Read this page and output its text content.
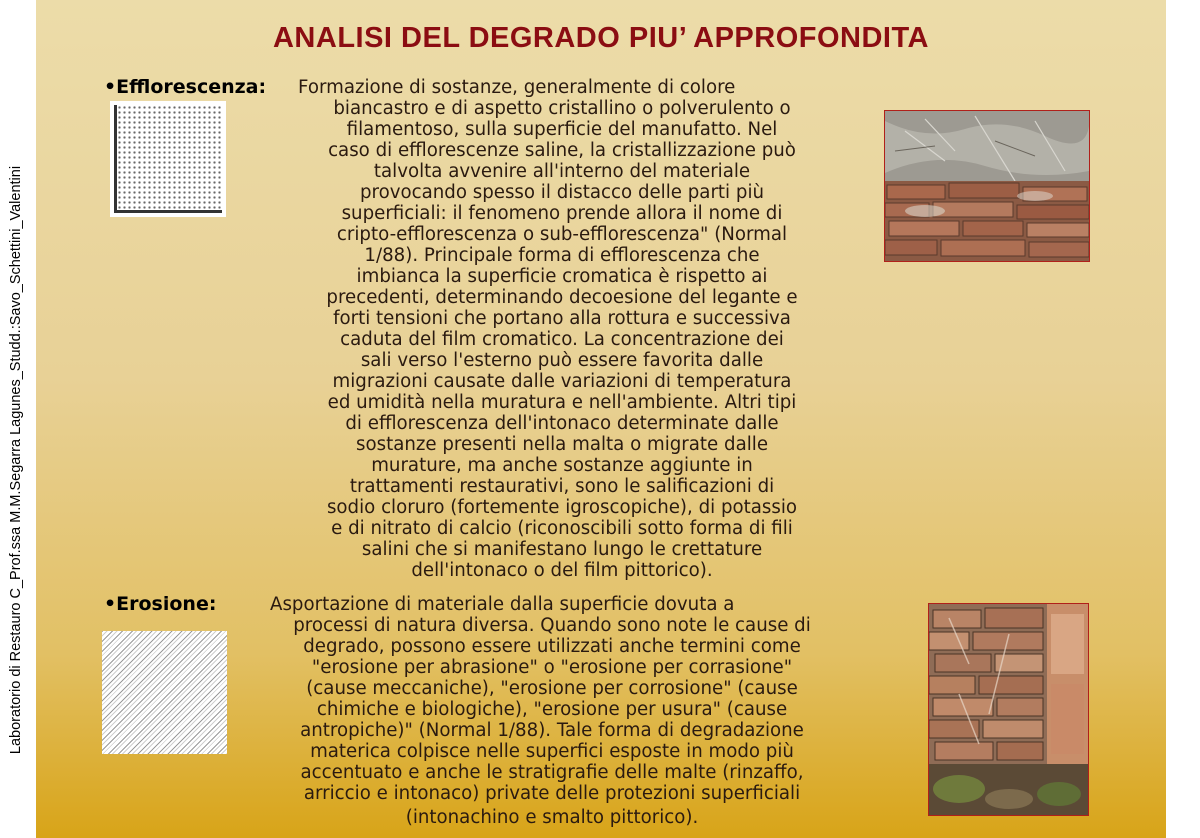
Laboratorio di Restauro C_Prof.ssa M.M.Segarra Lagunes_Studd.:Savo_Schettini_Valentini
ANALISI DEL DEGRADO PIU’ APPROFONDITA
•Efflorescenza:	Formazione di sostanze, generalmente di colore
biancastro e di aspetto cristallino o polverulento o
filamentoso, sulla superficie del manufatto. Nel
caso di efflorescenze saline, la cristallizzazione può
talvolta avvenire all'interno del materiale
provocando spesso il distacco delle parti più
superficiali: il fenomeno prende allora il nome di
cripto-efflorescenza o sub-efflorescenza" (Normal
1/88). Principale forma di efflorescenza che
imbianca la superficie cromatica è rispetto ai
precedenti, determinando decoesione del legante e
forti tensioni che portano alla rottura e successiva
caduta del film cromatico. La concentrazione dei
sali verso l'esterno può essere favorita dalle
migrazioni causate dalle variazioni di temperatura
ed umidità nella muratura e nell'ambiente. Altri tipi
di efflorescenza dell'intonaco determinate dalle
sostanze presenti nella malta o migrate dalle
murature, ma anche sostanze aggiunte in
trattamenti restaurativi, sono le salificazioni di
sodio cloruro (fortemente igroscopiche), di potassio
e di nitrato di calcio (riconoscibili sotto forma di fili
salini che si manifestano lungo le crettature
dell'intonaco o del film pittorico).
•Erosione:	Asportazione di materiale dalla superficie dovuta a
processi di natura diversa. Quando sono note le cause di
degrado, possono essere utilizzati anche termini come
"erosione per abrasione" o "erosione per corrasione"
(cause meccaniche), "erosione per corrosione" (cause
chimiche e biologiche), "erosione per usura" (cause
antropiche)" (Normal 1/88). Tale forma di degradazione
materica colpisce nelle superfici esposte in modo più
accentuato e anche le stratigrafie delle malte (rinzaffo,
arriccio e intonaco) private delle protezioni superficiali
(intonachino e smalto pittorico).
